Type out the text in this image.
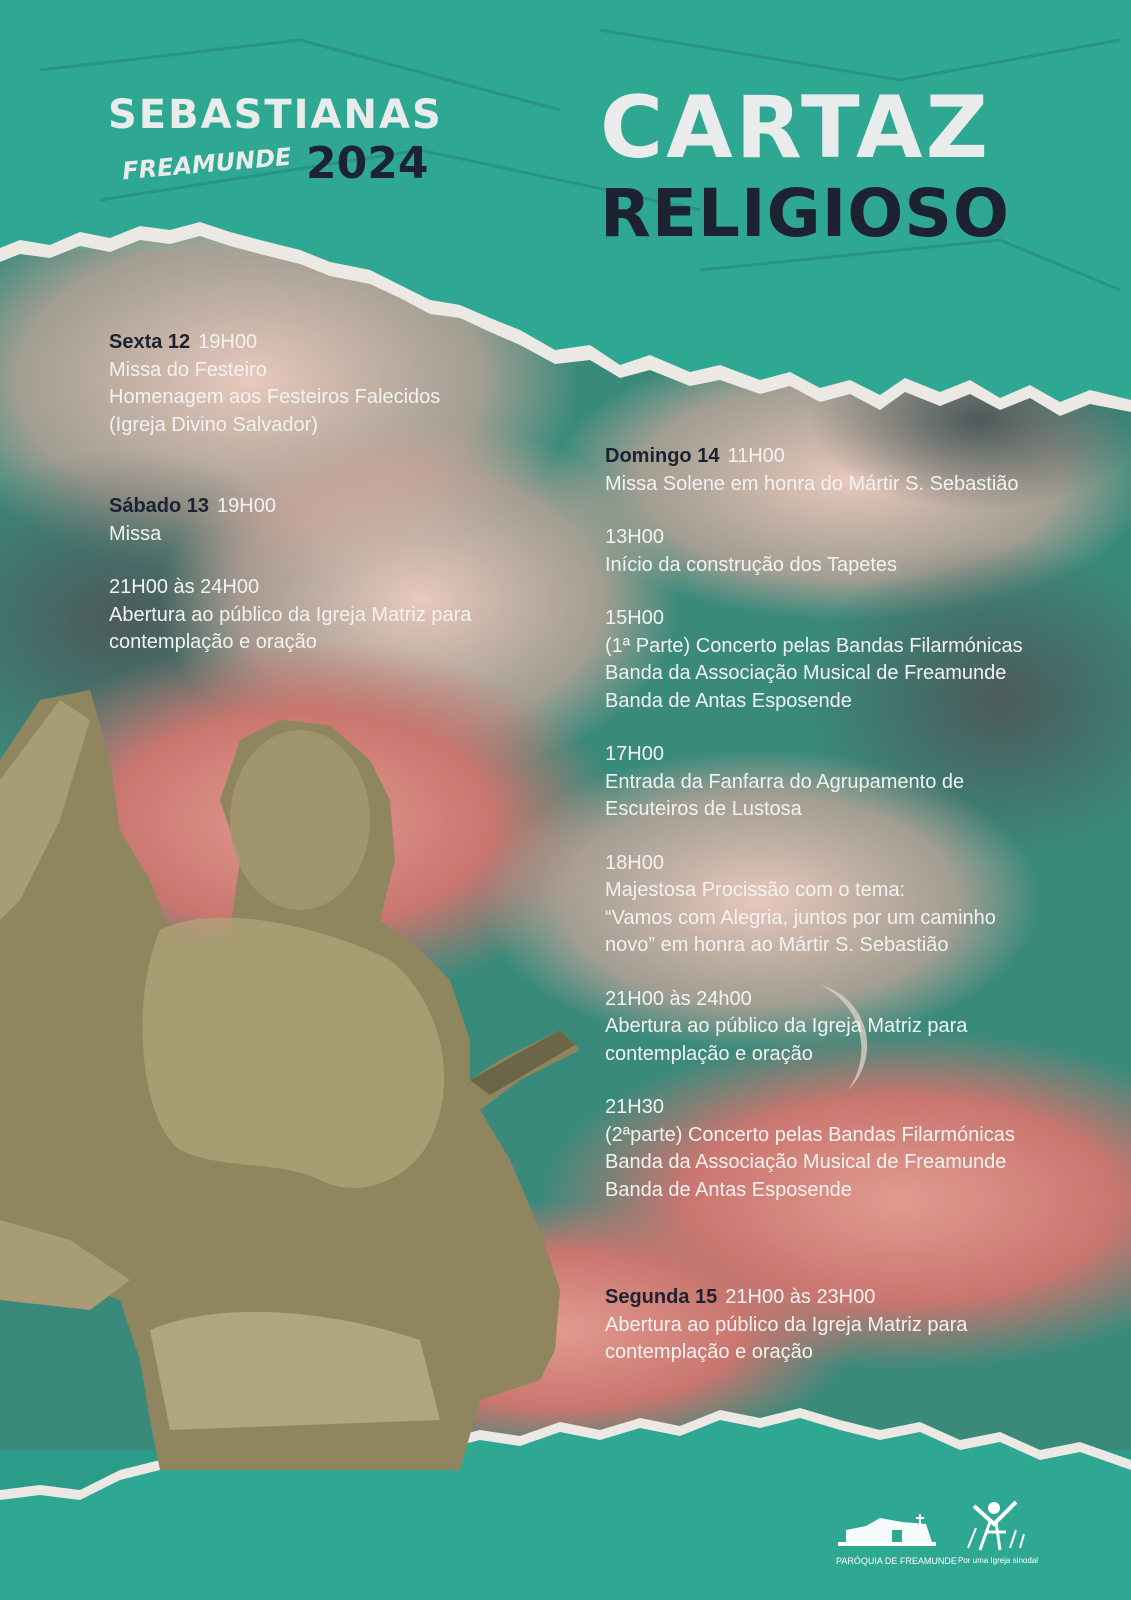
SEBASTIANAS
FREAMUNDE 2024 CARTAZ
RELIGIOSO
Sexta 12 19H00
Missa do Festeiro
Homenagem aos Festeiros Falecidos
(Igreja Divino Salvador)
Sábado 13 19H00
Missa
21H00 às 24H00
Abertura ao público da Igreja Matriz para
contemplação e oração
Domingo 14 11H00
Missa Solene em honra do Mártir S. Sebastião
13H00
Início da construção dos Tapetes
15H00
(1ª Parte) Concerto pelas Bandas Filarmónicas
Banda da Associação Musical de Freamunde
Banda de Antas Esposende
17H00
Entrada da Fanfarra do Agrupamento de
Escuteiros de Lustosa
18H00
Majestosa Procissão com o tema:
“Vamos com Alegria, juntos por um caminho
novo” em honra ao Mártir S. Sebastião
21H00 às 24h00
Abertura ao público da Igreja Matriz para
contemplação e oração
21H30
(2ªparte) Concerto pelas Bandas Filarmónicas
Banda da Associação Musical de Freamunde
Banda de Antas Esposende
Segunda 15 21H00 às 23H00
Abertura ao público da Igreja Matriz para
contemplação e oração
PARÓQUIA DE FREAMUNDE Por uma Igreja sinodal
